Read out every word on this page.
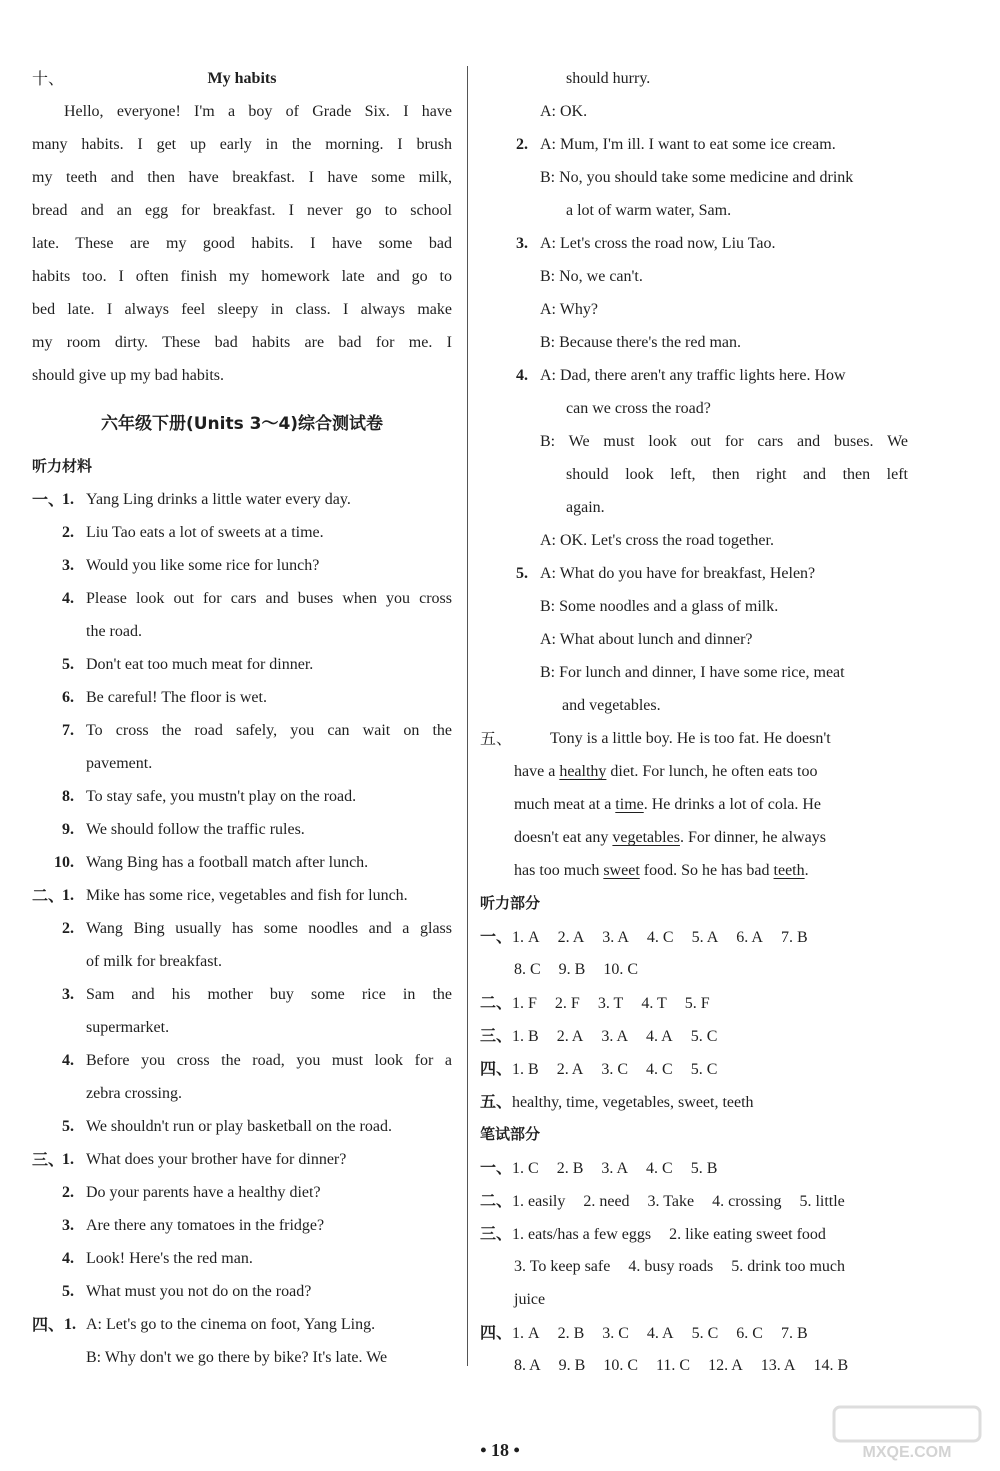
十、	My habits
Hello, everyone! I'm a boy of Grade Six. I have
many habits. I get up early in the morning. I brush
my teeth and then have breakfast. I have some milk,
bread and an egg for breakfast. I never go to school
late. These are my good habits. I have some bad
habits too. I often finish my homework late and go to
bed late. I always feel sleepy in class. I always make
my room dirty. These bad habits are bad for me. I
should give up my bad habits.
六年级下册(Units 3～4)综合测试卷
听力材料
一、
1. Yang Ling drinks a little water every day.
2. Liu Tao eats a lot of sweets at a time.
3. Would you like some rice for lunch?
4. Please look out for cars and buses when you cross
the road.
5. Don't eat too much meat for dinner.
6. Be careful! The floor is wet.
7. To cross the road safely, you can wait on the
pavement.
8. To stay safe, you mustn't play on the road.
9. We should follow the traffic rules.
10. Wang Bing has a football match after lunch.
二、
1. Mike has some rice, vegetables and fish for lunch.
2. Wang Bing usually has some noodles and a glass
of milk for breakfast.
3. Sam and his mother buy some rice in the
supermarket.
4. Before you cross the road, you must look for a
zebra crossing.
5. We shouldn't run or play basketball on the road.
三、
1. What does your brother have for dinner?
2. Do your parents have a healthy diet?
3. Are there any tomatoes in the fridge?
4. Look! Here's the red man.
5. What must you not do on the road?
四、 1. A: Let's go to the cinema on foot, Yang Ling.
B: Why don't we go there by bike? It's late. We
should hurry.
A: OK.
2. A: Mum, I'm ill. I want to eat some ice cream.
B: No, you should take some medicine and drink
a lot of warm water, Sam.
3. A: Let's cross the road now, Liu Tao.
B: No, we can't.
A: Why?
B: Because there's the red man.
4. A: Dad, there aren't any traffic lights here. How
can we cross the road?
B: We must look out for cars and buses. We
should look left, then right and then left
again.
A: OK. Let's cross the road together.
5. A: What do you have for breakfast, Helen?
B: Some noodles and a glass of milk.
A: What about lunch and dinner?
B: For lunch and dinner, I have some rice, meat
and vegetables.
五、 Tony is a little boy. He is too fat. He doesn't
have a healthy diet. For lunch, he often eats too
much meat at a time. He drinks a lot of cola. He
doesn't eat any vegetables. For dinner, he always
has too much sweet food. So he has bad teeth.
听力部分
一、1. A 2. A 3. A 4. C 5. A 6. A 7. B
8. C 9. B 10. C
二、1. F 2. F 3. T 4. T 5. F
三、1. B 2. A 3. A 4. A 5. C
四、1. B 2. A 3. C 4. C 5. C
五、healthy, time, vegetables, sweet, teeth
笔试部分
一、1. C 2. B 3. A 4. C 5. B
二、1. easily 2. need 3. Take 4. crossing 5. little
三、1. eats/has a few eggs 2. like eating sweet food
3. To keep safe 4. busy roads 5. drink too much
juice
四、1. A 2. B 3. C 4. A 5. C 6. C 7. B
8. A 9. B 10. C 11. C 12. A 13. A 14. B
• 18 •	MXQE.COM
